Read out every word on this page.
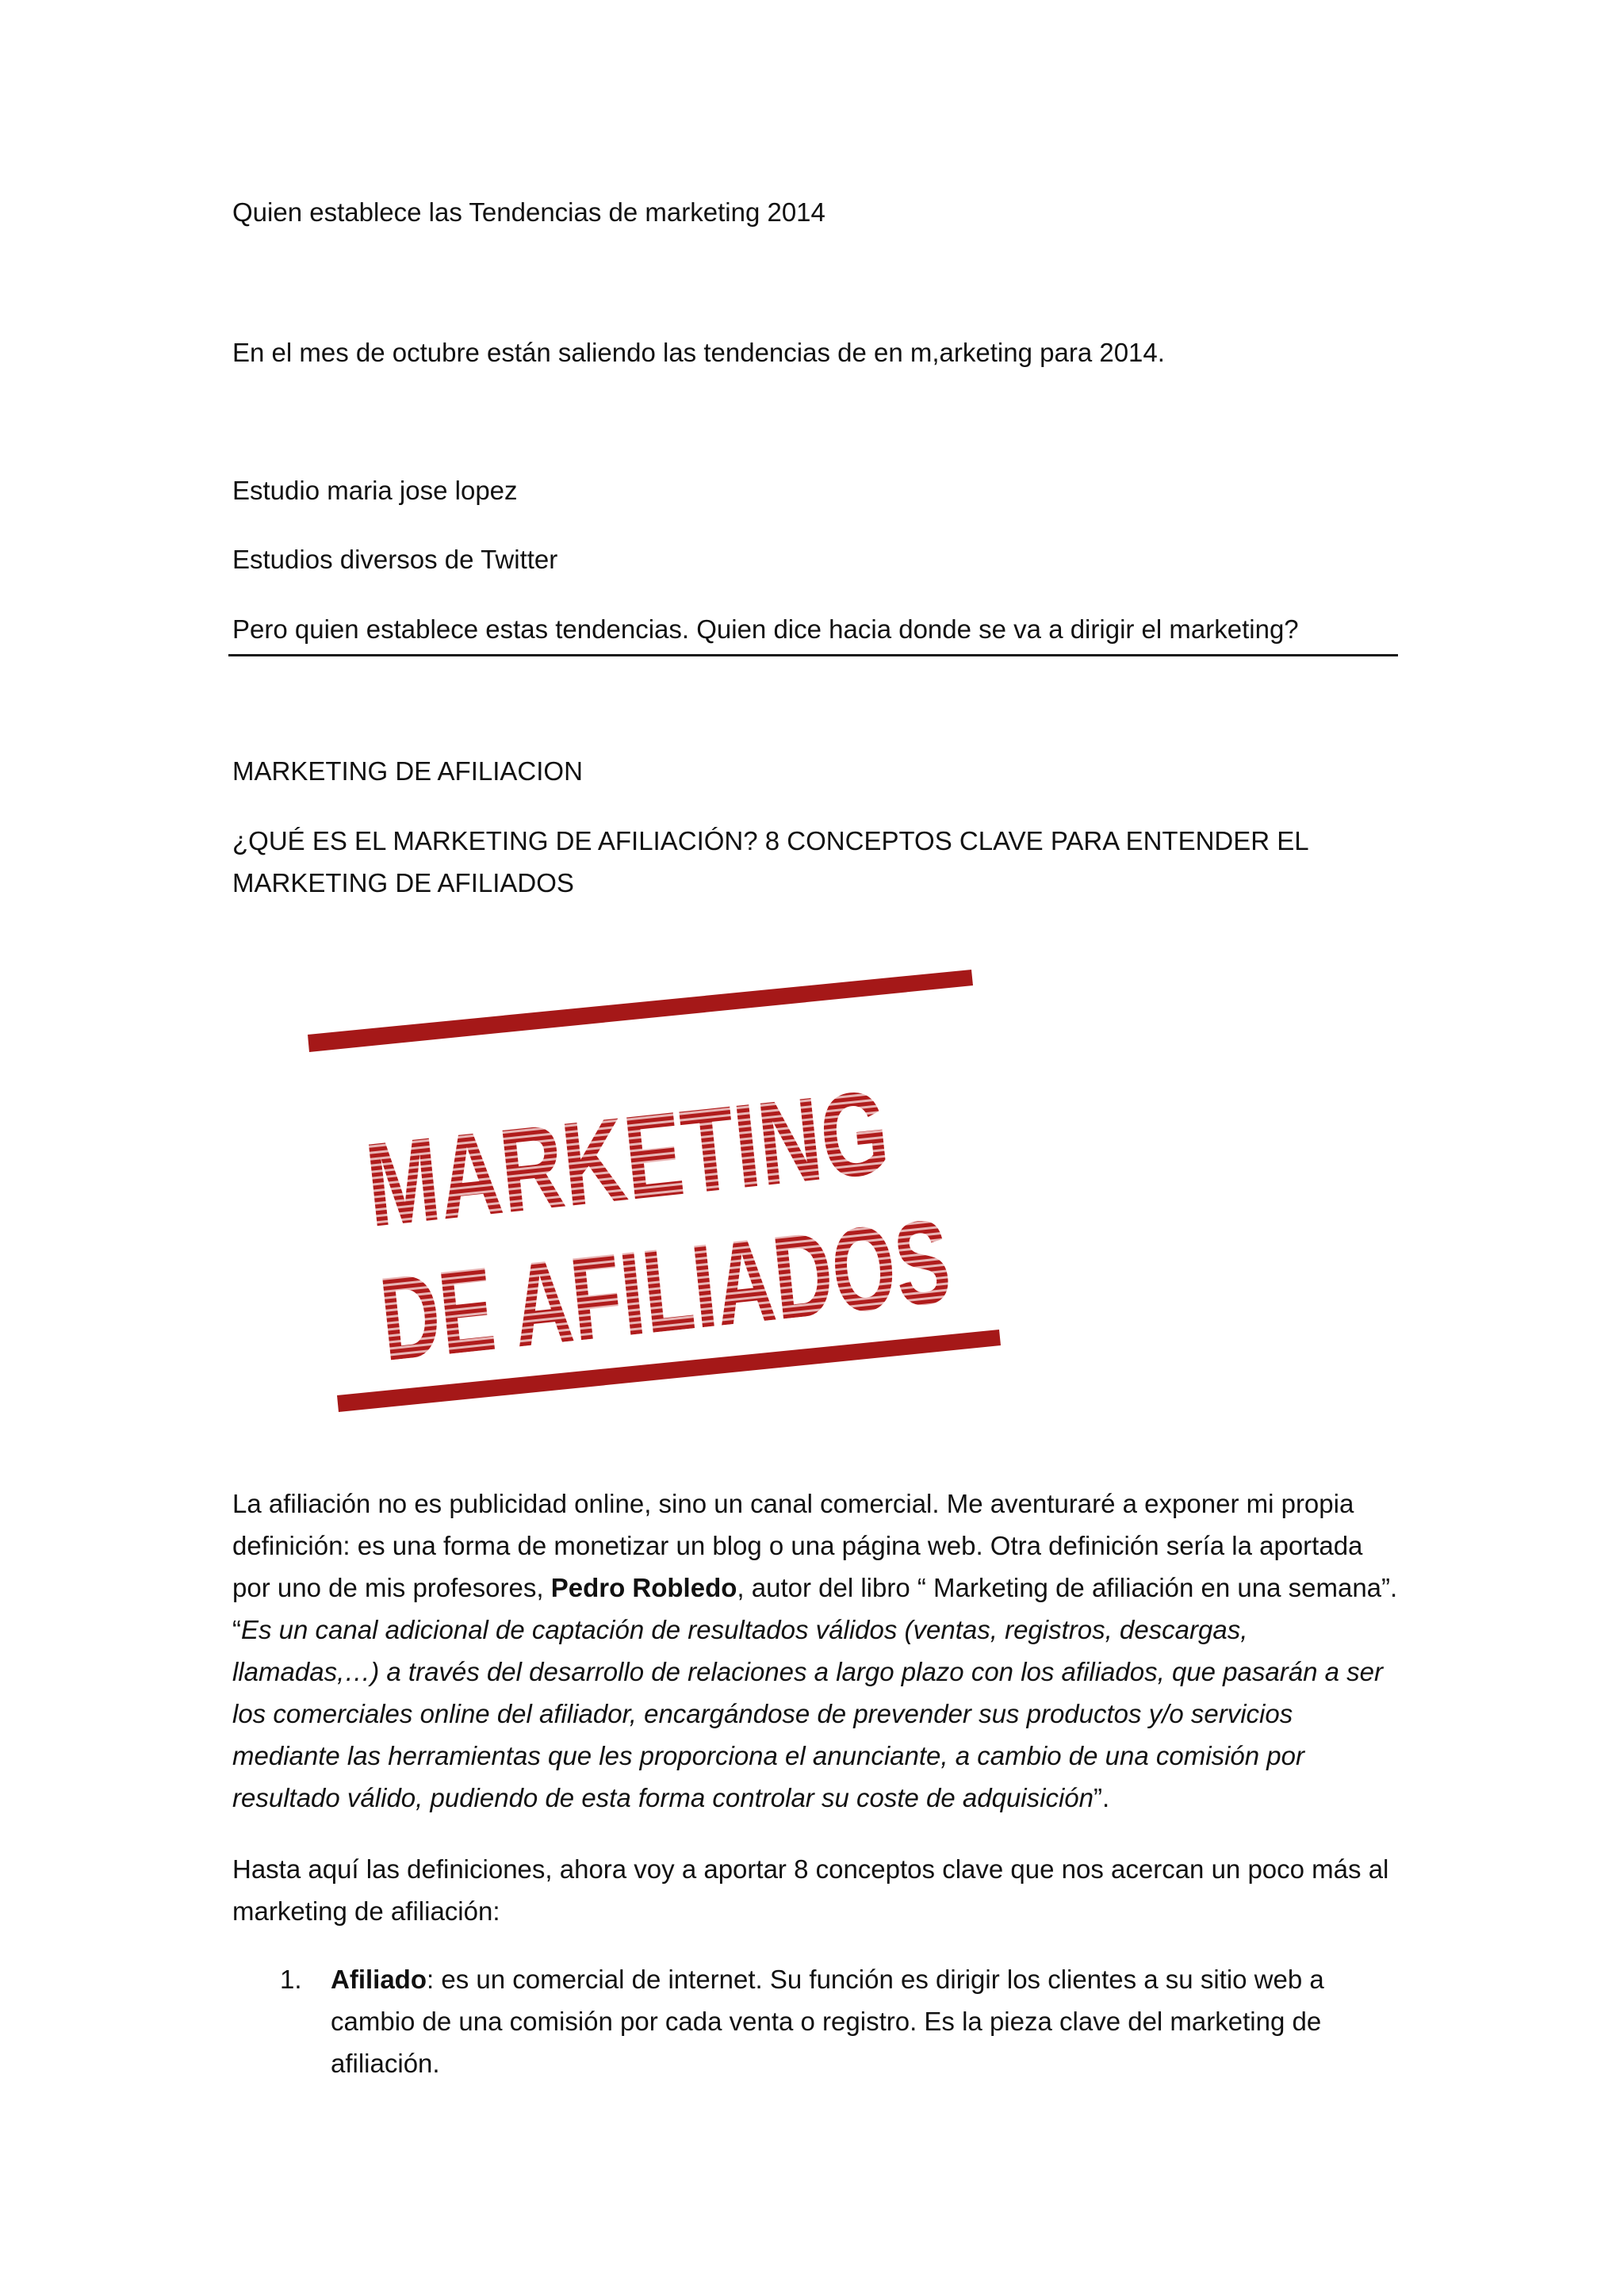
Quien establece las Tendencias de marketing 2014

En el mes de octubre están saliendo las tendencias de en m,arketing para 2014.

Estudio maria jose lopez

Estudios diversos de Twitter

Pero quien establece estas tendencias. Quien dice hacia donde se va a dirigir el marketing?

MARKETING DE AFILIACION

¿QUÉ ES EL MARKETING DE AFILIACIÓN? 8 CONCEPTOS CLAVE PARA ENTENDER EL MARKETING DE AFILIADOS

MARKETING
DE AFILIADOS

La afiliación no es publicidad online, sino un canal comercial. Me aventuraré a exponer mi propia definición: es una forma de monetizar un blog o una página web. Otra definición sería la aportada por uno de mis profesores, Pedro Robledo, autor del libro “ Marketing de afiliación en una semana”. “Es un canal adicional de captación de resultados válidos (ventas, registros, descargas, llamadas,…) a través del desarrollo de relaciones a largo plazo con los afiliados, que pasarán a ser los comerciales online del afiliador, encargándose de prevender sus productos y/o servicios mediante las herramientas que les proporciona el anunciante, a cambio de una comisión por resultado válido, pudiendo de esta forma controlar su coste de adquisición”.

Hasta aquí las definiciones, ahora voy a aportar 8 conceptos clave que nos acercan un poco más al marketing de afiliación:

1. Afiliado: es un comercial de internet. Su función es dirigir los clientes a su sitio web a cambio de una comisión por cada venta o registro. Es la pieza clave del marketing de afiliación.
